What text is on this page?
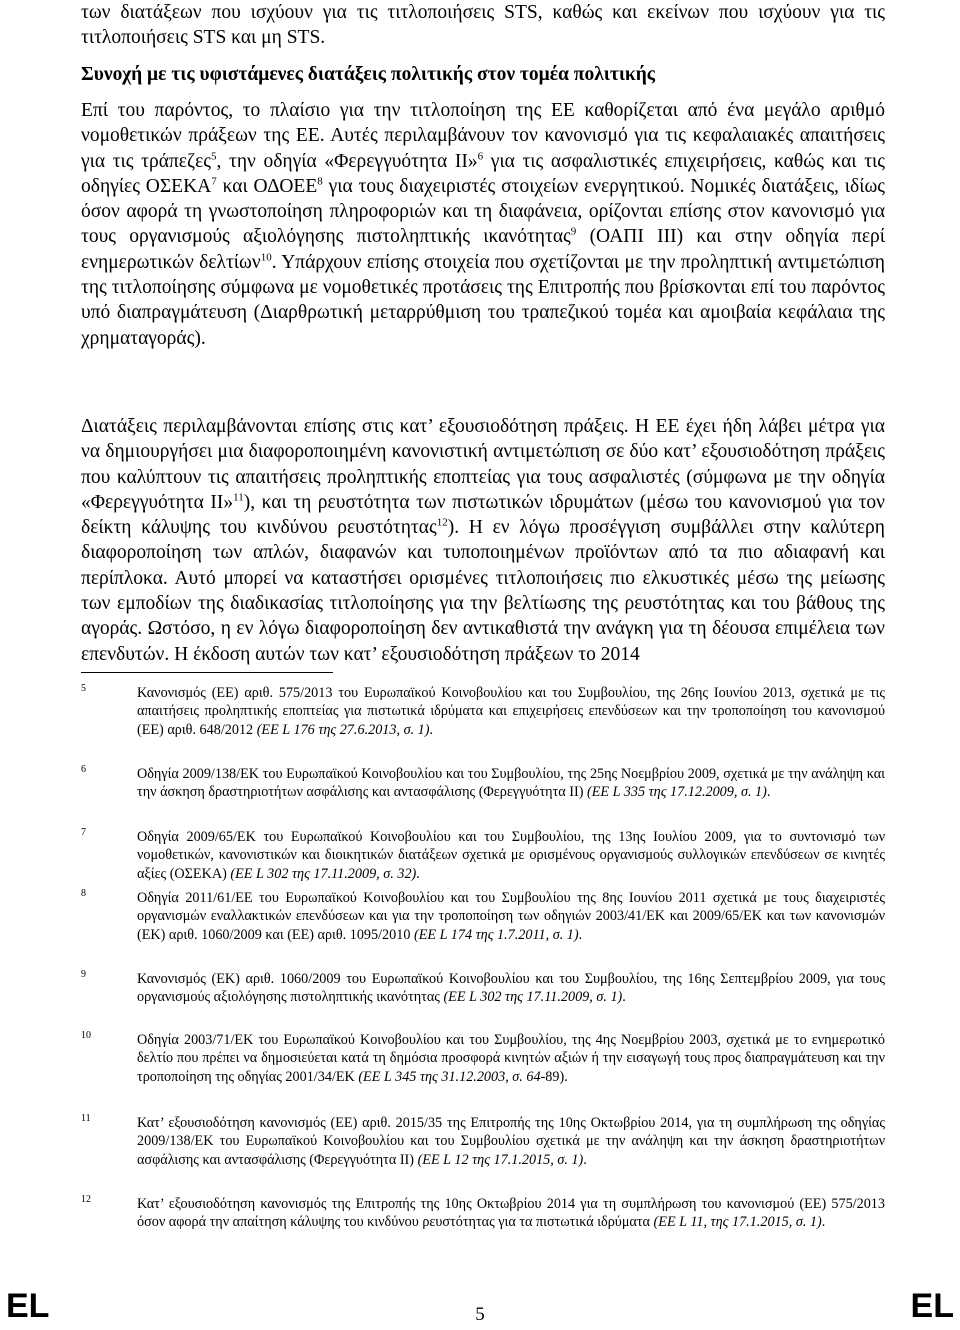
των διατάξεων που ισχύουν για τις τιτλοποιήσεις STS, καθώς και εκείνων που ισχύουν για τις τιτλοποιήσεις STS και μη STS.
Συνοχή με τις υφιστάμενες διατάξεις πολιτικής στον τομέα πολιτικής
Επί του παρόντος, το πλαίσιο για την τιτλοποίηση της ΕΕ καθορίζεται από ένα μεγάλο αριθμό νομοθετικών πράξεων της ΕΕ. Αυτές περιλαμβάνουν τον κανονισμό για τις κεφαλαιακές απαιτήσεις για τις τράπεζες$^5$, την οδηγία «Φερεγγυότητα ΙΙ»$^6$ για τις ασφαλιστικές επιχειρήσεις, καθώς και τις οδηγίες ΟΣΕΚΑ$^7$ και ΟΔΟΕΕ$^8$ για τους διαχειριστές στοιχείων ενεργητικού. Νομικές διατάξεις, ιδίως όσον αφορά τη γνωστοποίηση πληροφοριών και τη διαφάνεια, ορίζονται επίσης στον κανονισμό για τους οργανισμούς αξιολόγησης πιστοληπτικής ικανότητας$^9$ (ΟΑΠΙ ΙΙΙ) και στην οδηγία περί ενημερωτικών δελτίων$^{10}$. Υπάρχουν επίσης στοιχεία που σχετίζονται με την προληπτική αντιμετώπιση της τιτλοποίησης σύμφωνα με νομοθετικές προτάσεις της Επιτροπής που βρίσκονται επί του παρόντος υπό διαπραγμάτευση (Διαρθρωτική μεταρρύθμιση του τραπεζικού τομέα και αμοιβαία κεφάλαια της χρηματαγοράς).
Διατάξεις περιλαμβάνονται επίσης στις κατ’ εξουσιοδότηση πράξεις. Η ΕΕ έχει ήδη λάβει μέτρα για να δημιουργήσει μια διαφοροποιημένη κανονιστική αντιμετώπιση σε δύο κατ’ εξουσιοδότηση πράξεις που καλύπτουν τις απαιτήσεις προληπτικής εποπτείας για τους ασφαλιστές (σύμφωνα με την οδηγία «Φερεγγυότητα ΙΙ»$^{11}$), και τη ρευστότητα των πιστωτικών ιδρυμάτων (μέσω του κανονισμού για τον δείκτη κάλυψης του κινδύνου ρευστότητας$^{12}$). Η εν λόγω προσέγγιση συμβάλλει στην καλύτερη διαφοροποίηση των απλών, διαφανών και τυποποιημένων προϊόντων από τα πιο αδιαφανή και περίπλοκα. Αυτό μπορεί να καταστήσει ορισμένες τιτλοποιήσεις πιο ελκυστικές μέσω της μείωσης των εμποδίων της διαδικασίας τιτλοποίησης για την βελτίωσης της ρευστότητας και του βάθους της αγοράς. Ωστόσο, η εν λόγω διαφοροποίηση δεν αντικαθιστά την ανάγκη για τη δέουσα επιμέλεια των επενδυτών. Η έκδοση αυτών των κατ’ εξουσιοδότηση πράξεων το 2014
5	Κανονισμός (ΕΕ) αριθ. 575/2013 του Ευρωπαϊκού Κοινοβουλίου και του Συμβουλίου, της 26ης Ιουνίου 2013, σχετικά με τις απαιτήσεις προληπτικής εποπτείας για πιστωτικά ιδρύματα και επιχειρήσεις επενδύσεων και την τροποποίηση του κανονισμού (ΕΕ) αριθ. 648/2012 (ΕΕ L 176 της 27.6.2013, σ. 1).
6	Οδηγία 2009/138/ΕΚ του Ευρωπαϊκού Κοινοβουλίου και του Συμβουλίου, της 25ης Νοεμβρίου 2009, σχετικά με την ανάληψη και την άσκηση δραστηριοτήτων ασφάλισης και αντασφάλισης (Φερεγγυότητα II) (ΕΕ L 335 της 17.12.2009, σ. 1).
7	Οδηγία 2009/65/ΕΚ του Ευρωπαϊκού Κοινοβουλίου και του Συμβουλίου, της 13ης Ιουλίου 2009, για το συντονισμό των νομοθετικών, κανονιστικών και διοικητικών διατάξεων σχετικά με ορισμένους οργανισμούς συλλογικών επενδύσεων σε κινητές αξίες (ΟΣΕΚΑ) (ΕΕ L 302 της 17.11.2009, σ. 32).
8	Οδηγία 2011/61/ΕΕ του Ευρωπαϊκού Κοινοβουλίου και του Συμβουλίου της 8ης Ιουνίου 2011 σχετικά με τους διαχειριστές οργανισμών εναλλακτικών επενδύσεων και για την τροποποίηση των οδηγιών 2003/41/ΕΚ και 2009/65/ΕΚ και των κανονισμών (ΕΚ) αριθ. 1060/2009 και (ΕΕ) αριθ. 1095/2010 (ΕΕ L 174 της 1.7.2011, σ. 1).
9	Κανονισμός (ΕΚ) αριθ. 1060/2009 του Ευρωπαϊκού Κοινοβουλίου και του Συμβουλίου, της 16ης Σεπτεμβρίου 2009, για τους οργανισμούς αξιολόγησης πιστοληπτικής ικανότητας (ΕΕ L 302 της 17.11.2009, σ. 1).
10	Οδηγία 2003/71/ΕΚ του Ευρωπαϊκού Κοινοβουλίου και του Συμβουλίου, της 4ης Νοεμβρίου 2003, σχετικά με το ενημερωτικό δελτίο που πρέπει να δημοσιεύεται κατά τη δημόσια προσφορά κινητών αξιών ή την εισαγωγή τους προς διαπραγμάτευση και την τροποποίηση της οδηγίας 2001/34/ΕΚ (ΕΕ L 345 της 31.12.2003, σ. 64-89).
11	Κατ’ εξουσιοδότηση κανονισμός (ΕΕ) αριθ. 2015/35 της Επιτροπής της 10ης Οκτωβρίου 2014, για τη συμπλήρωση της οδηγίας 2009/138/ΕΚ του Ευρωπαϊκού Κοινοβουλίου και του Συμβουλίου σχετικά με την ανάληψη και την άσκηση δραστηριοτήτων ασφάλισης και αντασφάλισης (Φερεγγυότητα ΙΙ) (ΕΕ L 12 της 17.1.2015, σ. 1).
12	Κατ’ εξουσιοδότηση κανονισμός της Επιτροπής της 10ης Οκτωβρίου 2014 για τη συμπλήρωση του κανονισμού (ΕΕ) 575/2013 όσον αφορά την απαίτηση κάλυψης του κινδύνου ρευστότητας για τα πιστωτικά ιδρύματα (ΕΕ L 11, της 17.1.2015, σ. 1).
EL	5	EL
